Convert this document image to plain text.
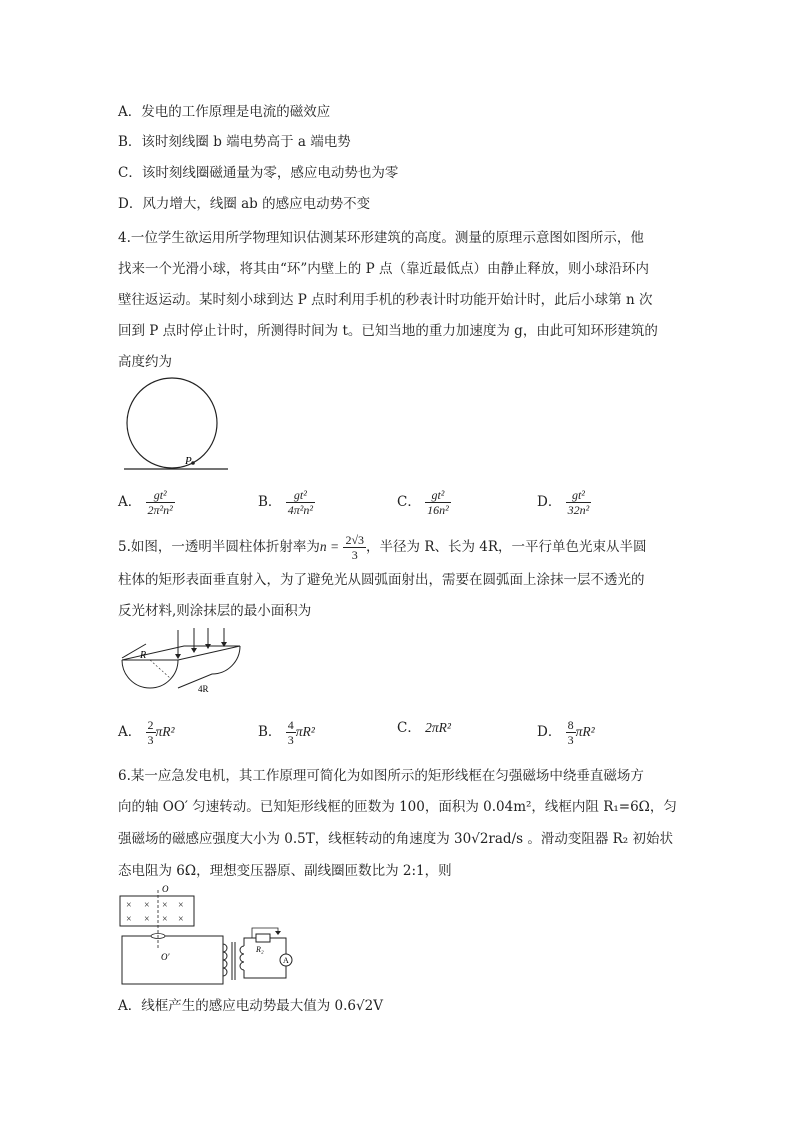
A．发电的工作原理是电流的磁效应
B．该时刻线圈 b 端电势高于 a 端电势
C．该时刻线圈磁通量为零，感应电动势也为零
D．风力增大，线圈 ab 的感应电动势不变
4.一位学生欲运用所学物理知识估测某环形建筑的高度。测量的原理示意图如图所示，他
找来一个光滑小球，将其由“环”内壁上的 P 点（靠近最低点）由静止释放，则小球沿环内
壁往返运动。某时刻小球到达 P 点时利用手机的秒表计时功能开始计时，此后小球第 n 次
回到 P 点时停止计时，所测得时间为 t。已知当地的重力加速度为 g，由此可知环形建筑的
高度约为
P
A． $\frac{\text{gt²}}{\text{2π²n²}}$	B． $\frac{\text{gt²}}{\text{4π²n²}}$	C． $\frac{\text{gt²}}{\text{16n²}}$	D． $\frac{\text{gt²}}{\text{32n²}}$
5.如图，一透明半圆柱体折射率为$n = \frac{2√3}{3}$ ，半径为 R、长为 4R，一平行单色光束从半圆
柱体的矩形表面垂直射入，为了避免光从圆弧面射出，需要在圆弧面上涂抹一层不透光的
反光材料,则涂抹层的最小面积为
R
4R
A． $\frac{2}{3} \pi R^2$	B． $\frac{4}{3} \pi R^2$	C． 2πR²	D． $\frac{8}{3} \pi R^2$
6.某一应急发电机，其工作原理可简化为如图所示的矩形线框在匀强磁场中绕垂直磁场方
向的轴 OO′ 匀速转动。已知矩形线框的匝数为 100，面积为 0.04m²，线框内阻 R₁=6Ω，匀
强磁场的磁感应强度大小为 0.5T，线框转动的角速度为 30√2rad/s 。滑动变阻器 R₂ 初始状
态电阻为 6Ω，理想变压器原、副线圈匝数比为 2:1，则
× × × ×
× × × ×
O
O′
R₂
A
A．线框产生的感应电动势最大值为 0.6√2V
